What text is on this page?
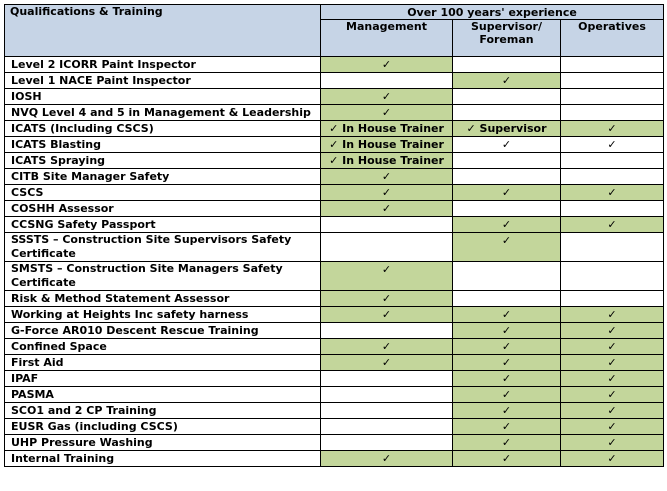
Qualifications & Training	Over 100 years' experience		
	Management	Supervisor/ Foreman	Operatives
Level 2 ICORR Paint Inspector	✓		
Level 1 NACE Paint Inspector		✓	
IOSH	✓		
NVQ Level 4 and 5 in Management & Leadership	✓		
ICATS (Including CSCS)	✓ In House Trainer	✓ Supervisor	✓
ICATS Blasting	✓ In House Trainer	✓	✓
ICATS Spraying	✓ In House Trainer		
CITB Site Manager Safety	✓		
CSCS	✓	✓	✓
COSHH Assessor	✓		
CCSNG Safety Passport		✓	✓
SSSTS – Construction Site Supervisors Safety Certificate		✓	
SMSTS – Construction Site Managers Safety Certificate	✓		
Risk & Method Statement Assessor	✓		
Working at Heights Inc safety harness	✓	✓	✓
G-Force AR010 Descent Rescue Training		✓	✓
Confined Space	✓	✓	✓
First Aid	✓	✓	✓
IPAF		✓	✓
PASMA		✓	✓
SCO1 and 2 CP Training		✓	✓
EUSR Gas (including CSCS)		✓	✓
UHP Pressure Washing		✓	✓
Internal Training	✓	✓	✓
